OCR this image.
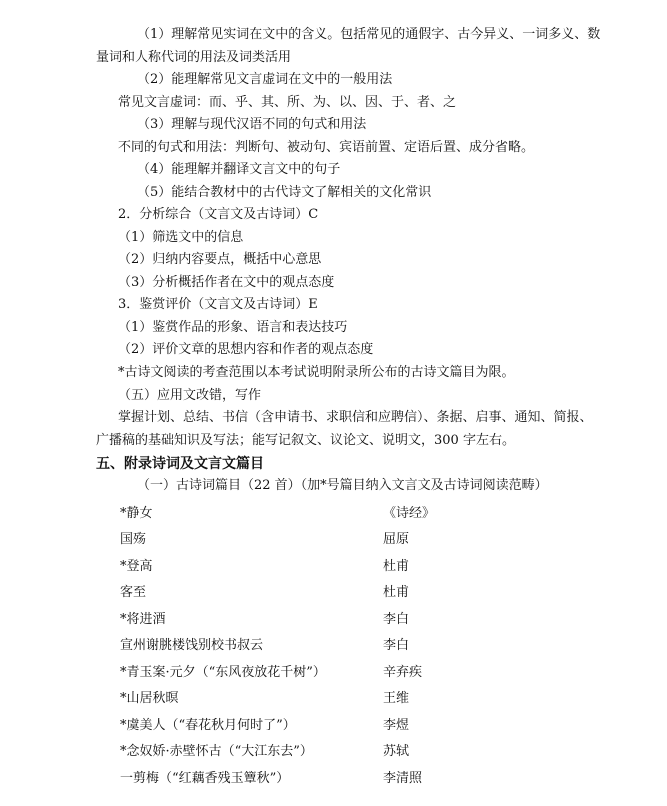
（1）理解常见实词在文中的含义。包括常见的通假字、古今异义、一词多义、数
量词和人称代词的用法及词类活用
（2）能理解常见文言虚词在文中的一般用法
常见文言虚词：而、乎、其、所、为、以、因、于、者、之
（3）理解与现代汉语不同的句式和用法
不同的句式和用法：判断句、被动句、宾语前置、定语后置、成分省略。
（4）能理解并翻译文言文中的句子
（5）能结合教材中的古代诗文了解相关的文化常识
2．分析综合（文言文及古诗词）C
（1）筛选文中的信息
（2）归纳内容要点，概括中心意思
（3）分析概括作者在文中的观点态度
3．鉴赏评价（文言文及古诗词）E
（1）鉴赏作品的形象、语言和表达技巧
（2）评价文章的思想内容和作者的观点态度
*古诗文阅读的考查范围以本考试说明附录所公布的古诗文篇目为限。
（五）应用文改错，写作
掌握计划、总结、书信（含申请书、求职信和应聘信）、条据、启事、通知、简报、
广播稿的基础知识及写法；能写记叙文、议论文、说明文，300 字左右。
五、附录诗词及文言文篇目
（一）古诗词篇目（22 首）（加*号篇目纳入文言文及古诗词阅读范畴）
*静女	《诗经》
国殇	屈原
*登高	杜甫
客至	杜甫
*将进酒	李白
宣州谢朓楼饯别校书叔云	李白
*青玉案·元夕（“东风夜放花千树”）	辛弃疾
*山居秋暝	王维
*虞美人（“春花秋月何时了”）	李煜
*念奴娇·赤壁怀古（“大江东去”）	苏轼
一剪梅（“红藕香残玉簟秋”）	李清照
